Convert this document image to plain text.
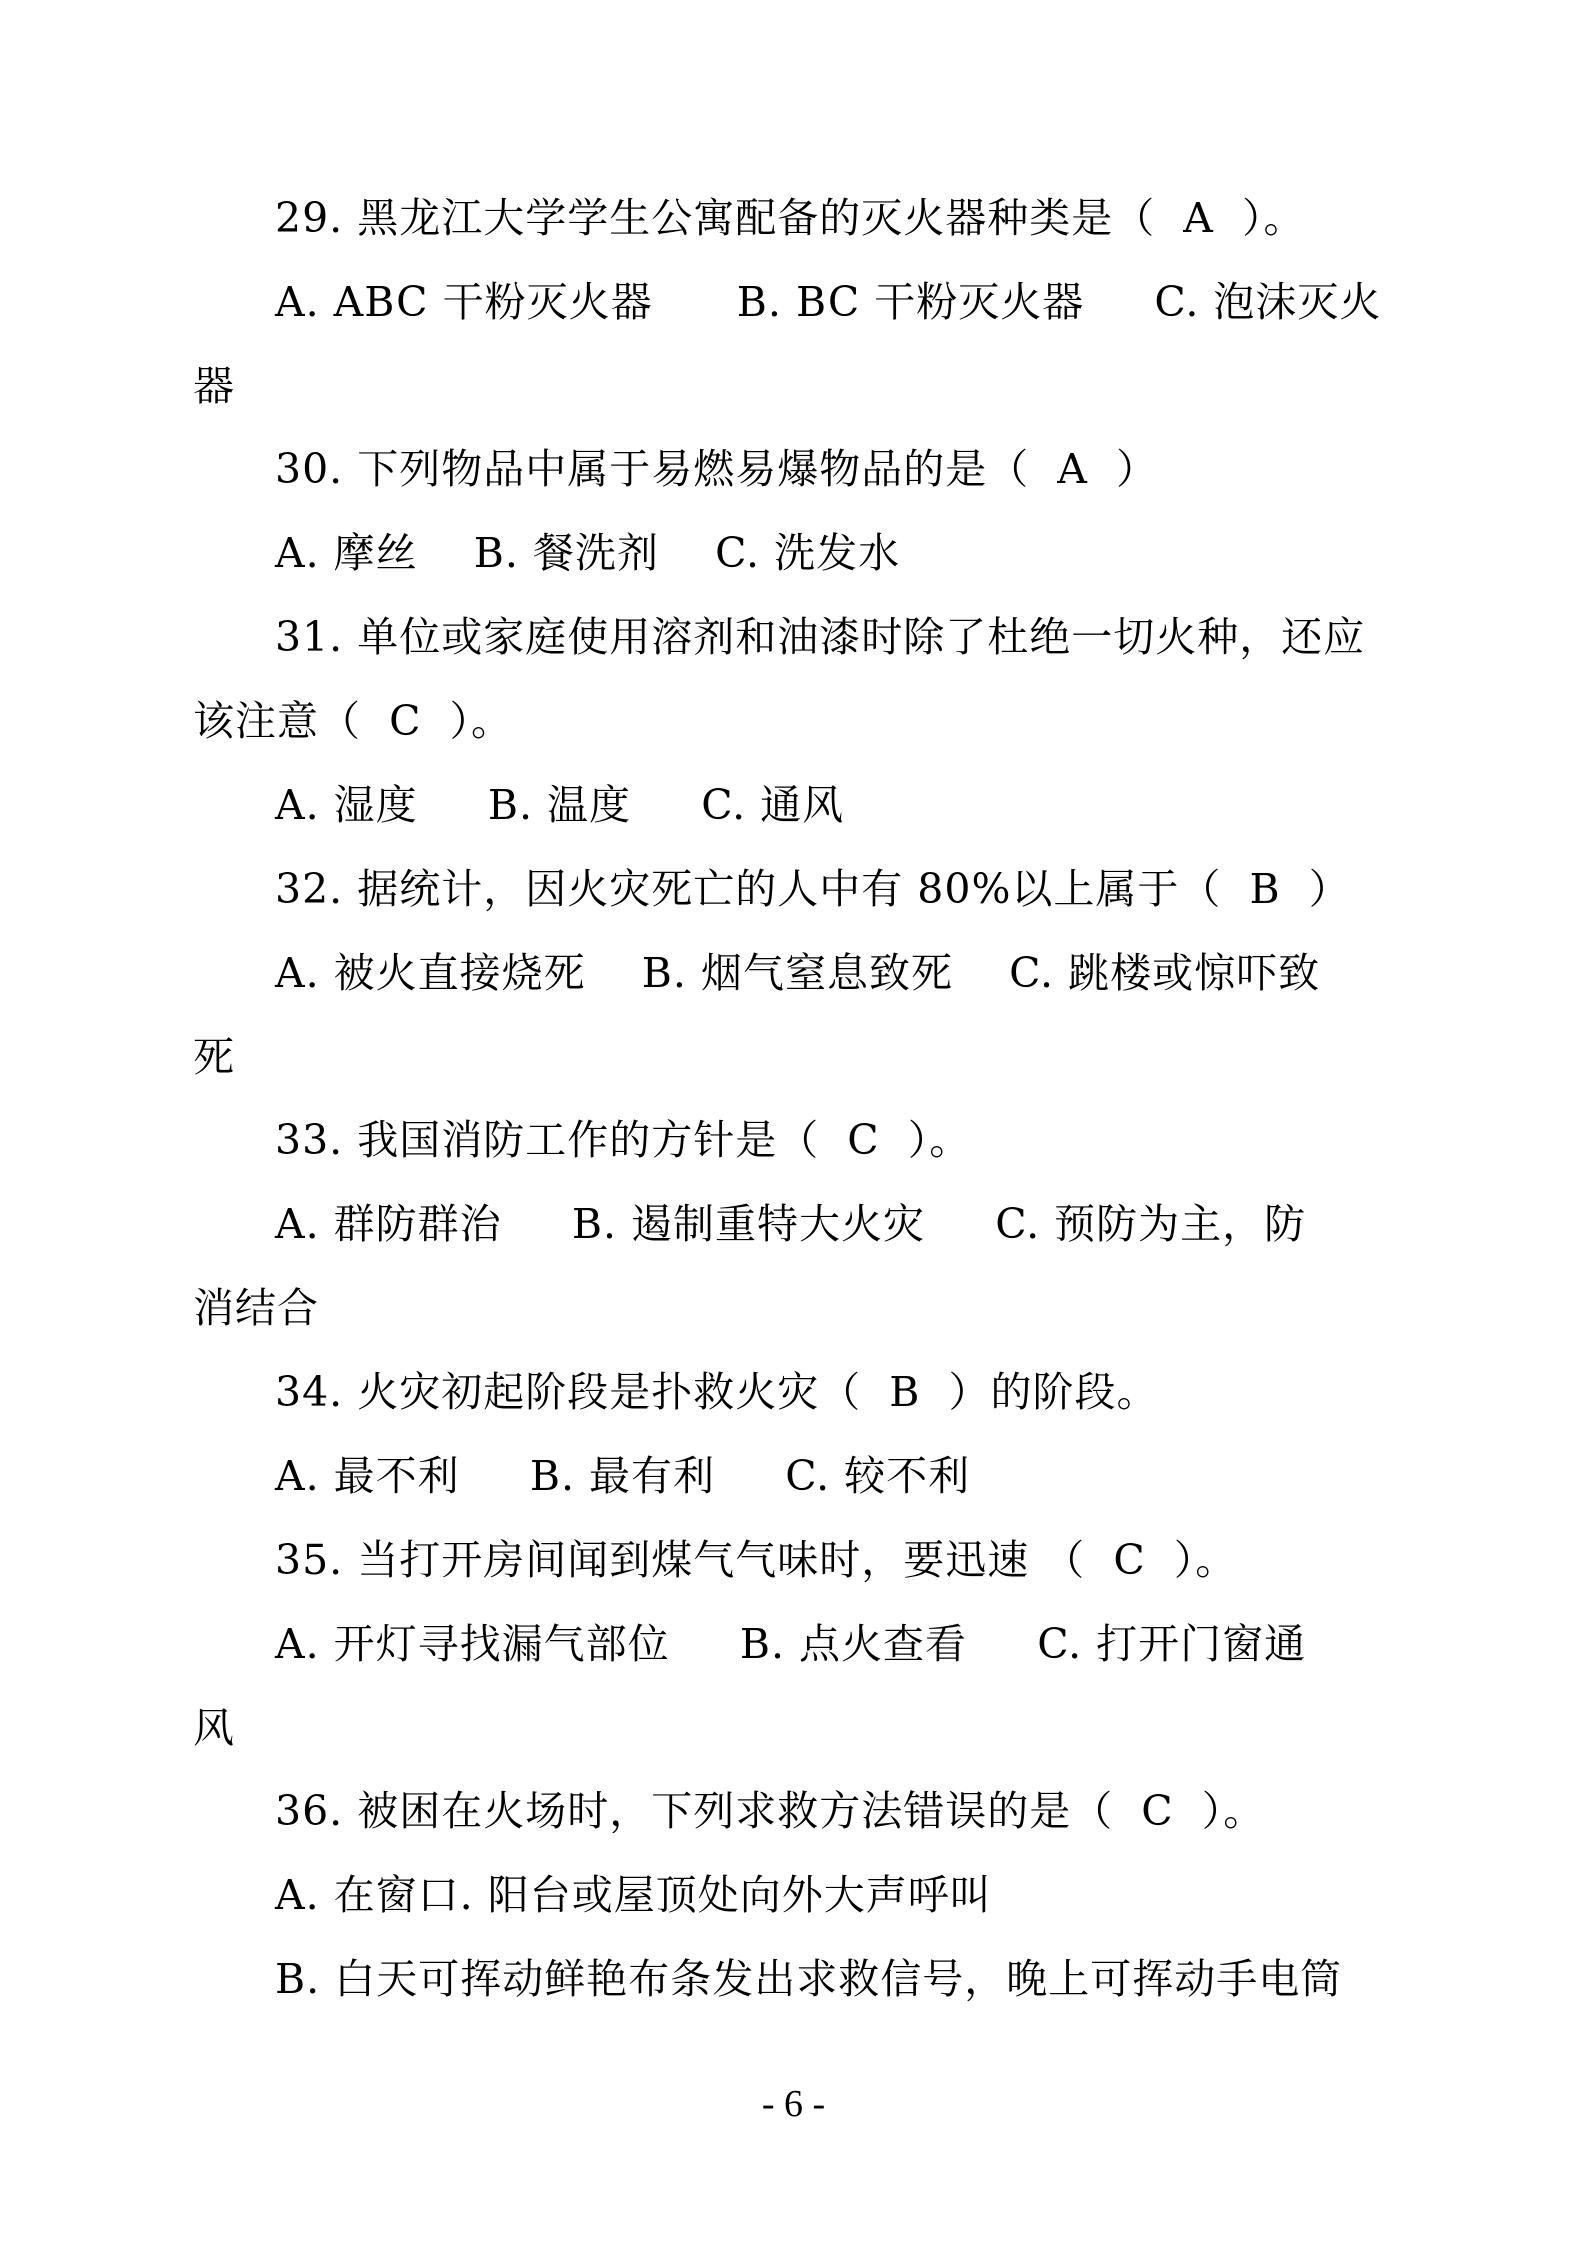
29. 黑龙江大学学生公寓配备的灭火器种类是（  A  ）。
A. ABC 干粉灭火器      B. BC 干粉灭火器     C. 泡沫灭火
器
30. 下列物品中属于易燃易爆物品的是（  A  ）
A. 摩丝    B. 餐洗剂    C. 洗发水
31. 单位或家庭使用溶剂和油漆时除了杜绝一切火种，还应
该注意（  C  ）。
A. 湿度     B. 温度     C. 通风
32. 据统计，因火灾死亡的人中有 80%以上属于（  B  ）
A. 被火直接烧死    B. 烟气窒息致死    C. 跳楼或惊吓致
死
33. 我国消防工作的方针是（  C  ）。
A. 群防群治     B. 遏制重特大火灾     C. 预防为主，防
消结合
34. 火灾初起阶段是扑救火灾（  B  ）的阶段。
A. 最不利     B. 最有利     C. 较不利
35. 当打开房间闻到煤气气味时，要迅速 （  C  ）。
A. 开灯寻找漏气部位     B. 点火查看     C. 打开门窗通
风
36. 被困在火场时，下列求救方法错误的是（  C  ）。
A. 在窗口. 阳台或屋顶处向外大声呼叫
B. 白天可挥动鲜艳布条发出求救信号，晚上可挥动手电筒
- 6 -
